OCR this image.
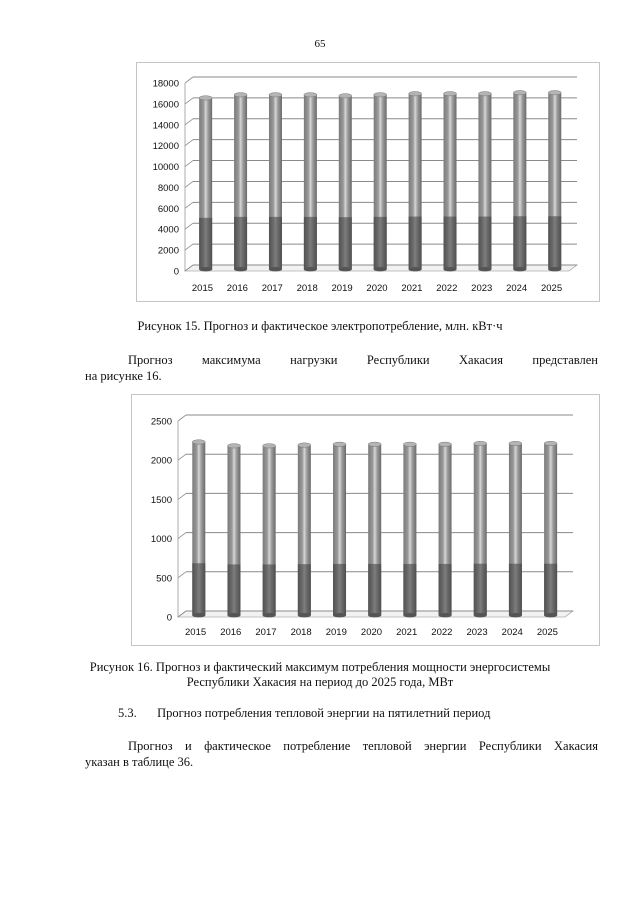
65
0
2000
4000
6000
8000
10000
12000
14000
16000
18000
2015 2016 2017 2018 2019 2020 2021 2022 2023 2024 2025
Рисунок 15. Прогноз и фактическое электропотребление, млн. кВт·ч
Прогноз максимума нагрузки Республики Хакасия представлен
на рисунке 16.
0
500
1000
1500
2000
2500
2015 2016 2017 2018 2019 2020 2021 2022 2023 2024 2025
Рисунок 16. Прогноз и фактический максимум потребления мощности энергосистемы
Республики Хакасия на период до 2025 года, МВт
5.3. Прогноз потребления тепловой энергии на пятилетний период
Прогноз и фактическое потребление тепловой энергии Республики Хакасия
указан в таблице 36.
